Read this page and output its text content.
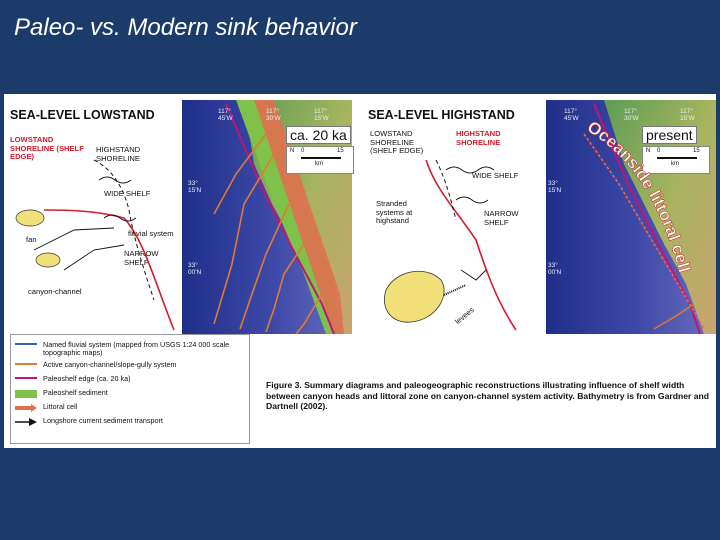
Paleo- vs. Modern sink behavior
SEA-LEVEL LOWSTAND
LOWSTAND SHORELINE (SHELF EDGE)
HIGHSTAND SHORELINE
WIDE SHELF
fluvial system
NARROW SHELF
fan
canyon-channel
117° 45'W
117° 30'W
117° 15'W
33° 15'N
33° 00'N
ca. 20 ka
N 0	15
km
SEA-LEVEL HIGHSTAND
LOWSTAND SHORELINE (SHELF EDGE)
HIGHSTAND SHORELINE
WIDE SHELF
Stranded systems at highstand
NARROW SHELF
levees
117° 45'W
117° 30'W
117° 15'W
33° 15'N
33° 00'N
present
N 0	15
km
Oceanside littoral cell
Named fluvial system (mapped from USGS 1:24 000 scale topographic maps)
Active canyon-channel/slope-gully system
Paleoshelf edge (ca. 20 ka)
Paleoshelf sediment
Littoral cell
Longshore current sediment transport
Figure 3. Summary diagrams and paleogeographic reconstructions illustrating influence of shelf width between canyon heads and littoral zone on canyon-channel system activity. Bathymetry is from Gardner and Dartnell (2002).
